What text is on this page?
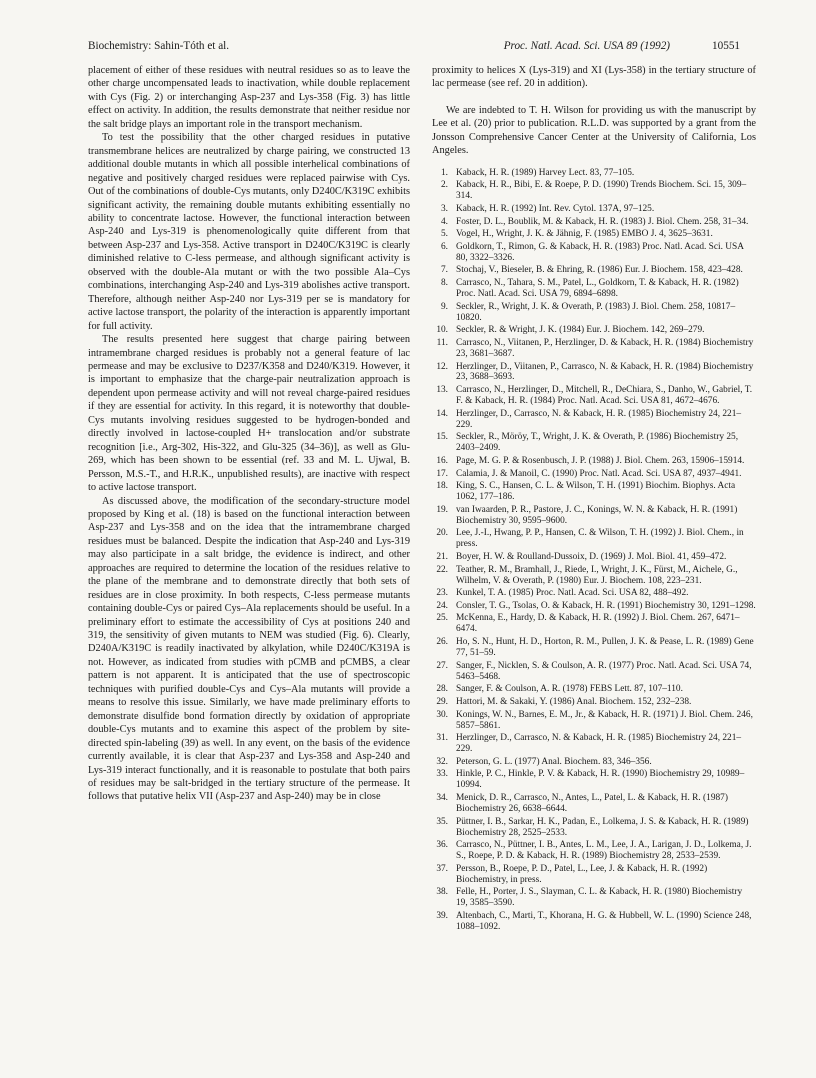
Biochemistry: Sahin-Tóth et al.	Proc. Natl. Acad. Sci. USA 89 (1992)	10551

placement of either of these residues with neutral residues so as to leave the other charge uncompensated leads to inactivation, while double replacement with Cys (Fig. 2) or interchanging Asp-237 and Lys-358 (Fig. 3) has little effect on activity. In addition, the results demonstrate that neither residue nor the salt bridge plays an important role in the transport mechanism.

To test the possibility that the other charged residues in putative transmembrane helices are neutralized by charge pairing, we constructed 13 additional double mutants in which all possible interhelical combinations of negative and positively charged residues were replaced pairwise with Cys. Out of the combinations of double-Cys mutants, only D240C/K319C exhibits significant activity, the remaining double mutants exhibiting essentially no ability to concentrate lactose. However, the functional interaction between Asp-240 and Lys-319 is phenomenologically quite different from that between Asp-237 and Lys-358. Active transport in D240C/K319C is clearly diminished relative to C-less permease, and although significant activity is observed with the double-Ala mutant or with the two possible Ala–Cys combinations, interchanging Asp-240 and Lys-319 abolishes active transport. Therefore, although neither Asp-240 nor Lys-319 per se is mandatory for active lactose transport, the polarity of the interaction is apparently important for full activity.

The results presented here suggest that charge pairing between intramembrane charged residues is probably not a general feature of lac permease and may be exclusive to D237/K358 and D240/K319. However, it is important to emphasize that the charge-pair neutralization approach is dependent upon permease activity and will not reveal charge-paired residues if they are essential for activity. In this regard, it is noteworthy that double-Cys mutants involving residues suggested to be hydrogen-bonded and directly involved in lactose-coupled H+ translocation and/or substrate recognition [i.e., Arg-302, His-322, and Glu-325 (34–36)], as well as Glu-269, which has been shown to be essential (ref. 33 and M. L. Ujwal, B. Persson, M.S.-T., and H.R.K., unpublished results), are inactive with respect to active lactose transport.

As discussed above, the modification of the secondary-structure model proposed by King et al. (18) is based on the functional interaction between Asp-237 and Lys-358 and on the idea that the intramembrane charged residues must be balanced. Despite the indication that Asp-240 and Lys-319 may also participate in a salt bridge, the evidence is indirect, and other approaches are required to determine the location of the residues relative to the plane of the membrane and to demonstrate directly that both sets of residues are in close proximity. In both respects, C-less permease mutants containing double-Cys or paired Cys–Ala replacements should be useful. In a preliminary effort to estimate the accessibility of Cys at positions 240 and 319, the sensitivity of given mutants to NEM was studied (Fig. 6). Clearly, D240A/K319C is readily inactivated by alkylation, while D240C/K319A is not. However, as indicated from studies with pCMB and pCMBS, a clear pattern is not apparent. It is anticipated that the use of spectroscopic techniques with purified double-Cys and Cys–Ala mutants will provide a means to resolve this issue. Similarly, we have made preliminary efforts to demonstrate disulfide bond formation directly by oxidation of appropriate double-Cys mutants and to examine this aspect of the problem by site-directed spin-labeling (39) as well. In any event, on the basis of the evidence currently available, it is clear that Asp-237 and Lys-358 and Asp-240 and Lys-319 interact functionally, and it is reasonable to postulate that both pairs of residues may be salt-bridged in the tertiary structure of the permease. It follows that putative helix VII (Asp-237 and Asp-240) may be in close

proximity to helices X (Lys-319) and XI (Lys-358) in the tertiary structure of lac permease (see ref. 20 in addition).

We are indebted to T. H. Wilson for providing us with the manuscript by Lee et al. (20) prior to publication. R.L.D. was supported by a grant from the Jonsson Comprehensive Cancer Center at the University of California, Los Angeles.

1. Kaback, H. R. (1989) Harvey Lect. 83, 77–105.
2. Kaback, H. R., Bibi, E. & Roepe, P. D. (1990) Trends Biochem. Sci. 15, 309–314.
3. Kaback, H. R. (1992) Int. Rev. Cytol. 137A, 97–125.
4. Foster, D. L., Boublik, M. & Kaback, H. R. (1983) J. Biol. Chem. 258, 31–34.
5. Vogel, H., Wright, J. K. & Jähnig, F. (1985) EMBO J. 4, 3625–3631.
6. Goldkorn, T., Rimon, G. & Kaback, H. R. (1983) Proc. Natl. Acad. Sci. USA 80, 3322–3326.
7. Stochaj, V., Bieseler, B. & Ehring, R. (1986) Eur. J. Biochem. 158, 423–428.
8. Carrasco, N., Tahara, S. M., Patel, L., Goldkorn, T. & Kaback, H. R. (1982) Proc. Natl. Acad. Sci. USA 79, 6894–6898.
9. Seckler, R., Wright, J. K. & Overath, P. (1983) J. Biol. Chem. 258, 10817–10820.
10. Seckler, R. & Wright, J. K. (1984) Eur. J. Biochem. 142, 269–279.
11. Carrasco, N., Viitanen, P., Herzlinger, D. & Kaback, H. R. (1984) Biochemistry 23, 3681–3687.
12. Herzlinger, D., Viitanen, P., Carrasco, N. & Kaback, H. R. (1984) Biochemistry 23, 3688–3693.
13. Carrasco, N., Herzlinger, D., Mitchell, R., DeChiara, S., Danho, W., Gabriel, T. F. & Kaback, H. R. (1984) Proc. Natl. Acad. Sci. USA 81, 4672–4676.
14. Herzlinger, D., Carrasco, N. & Kaback, H. R. (1985) Biochemistry 24, 221–229.
15. Seckler, R., Möröy, T., Wright, J. K. & Overath, P. (1986) Biochemistry 25, 2403–2409.
16. Page, M. G. P. & Rosenbusch, J. P. (1988) J. Biol. Chem. 263, 15906–15914.
17. Calamia, J. & Manoil, C. (1990) Proc. Natl. Acad. Sci. USA 87, 4937–4941.
18. King, S. C., Hansen, C. L. & Wilson, T. H. (1991) Biochim. Biophys. Acta 1062, 177–186.
19. van Iwaarden, P. R., Pastore, J. C., Konings, W. N. & Kaback, H. R. (1991) Biochemistry 30, 9595–9600.
20. Lee, J.-I., Hwang, P. P., Hansen, C. & Wilson, T. H. (1992) J. Biol. Chem., in press.
21. Boyer, H. W. & Roulland-Dussoix, D. (1969) J. Mol. Biol. 41, 459–472.
22. Teather, R. M., Bramhall, J., Riede, I., Wright, J. K., Fürst, M., Aichele, G., Wilhelm, V. & Overath, P. (1980) Eur. J. Biochem. 108, 223–231.
23. Kunkel, T. A. (1985) Proc. Natl. Acad. Sci. USA 82, 488–492.
24. Consler, T. G., Tsolas, O. & Kaback, H. R. (1991) Biochemistry 30, 1291–1298.
25. McKenna, E., Hardy, D. & Kaback, H. R. (1992) J. Biol. Chem. 267, 6471–6474.
26. Ho, S. N., Hunt, H. D., Horton, R. M., Pullen, J. K. & Pease, L. R. (1989) Gene 77, 51–59.
27. Sanger, F., Nicklen, S. & Coulson, A. R. (1977) Proc. Natl. Acad. Sci. USA 74, 5463–5468.
28. Sanger, F. & Coulson, A. R. (1978) FEBS Lett. 87, 107–110.
29. Hattori, M. & Sakaki, Y. (1986) Anal. Biochem. 152, 232–238.
30. Konings, W. N., Barnes, E. M., Jr., & Kaback, H. R. (1971) J. Biol. Chem. 246, 5857–5861.
31. Herzlinger, D., Carrasco, N. & Kaback, H. R. (1985) Biochemistry 24, 221–229.
32. Peterson, G. L. (1977) Anal. Biochem. 83, 346–356.
33. Hinkle, P. C., Hinkle, P. V. & Kaback, H. R. (1990) Biochemistry 29, 10989–10994.
34. Menick, D. R., Carrasco, N., Antes, L., Patel, L. & Kaback, H. R. (1987) Biochemistry 26, 6638–6644.
35. Püttner, I. B., Sarkar, H. K., Padan, E., Lolkema, J. S. & Kaback, H. R. (1989) Biochemistry 28, 2525–2533.
36. Carrasco, N., Püttner, I. B., Antes, L. M., Lee, J. A., Larigan, J. D., Lolkema, J. S., Roepe, P. D. & Kaback, H. R. (1989) Biochemistry 28, 2533–2539.
37. Persson, B., Roepe, P. D., Patel, L., Lee, J. & Kaback, H. R. (1992) Biochemistry, in press.
38. Felle, H., Porter, J. S., Slayman, C. L. & Kaback, H. R. (1980) Biochemistry 19, 3585–3590.
39. Altenbach, C., Marti, T., Khorana, H. G. & Hubbell, W. L. (1990) Science 248, 1088–1092.
